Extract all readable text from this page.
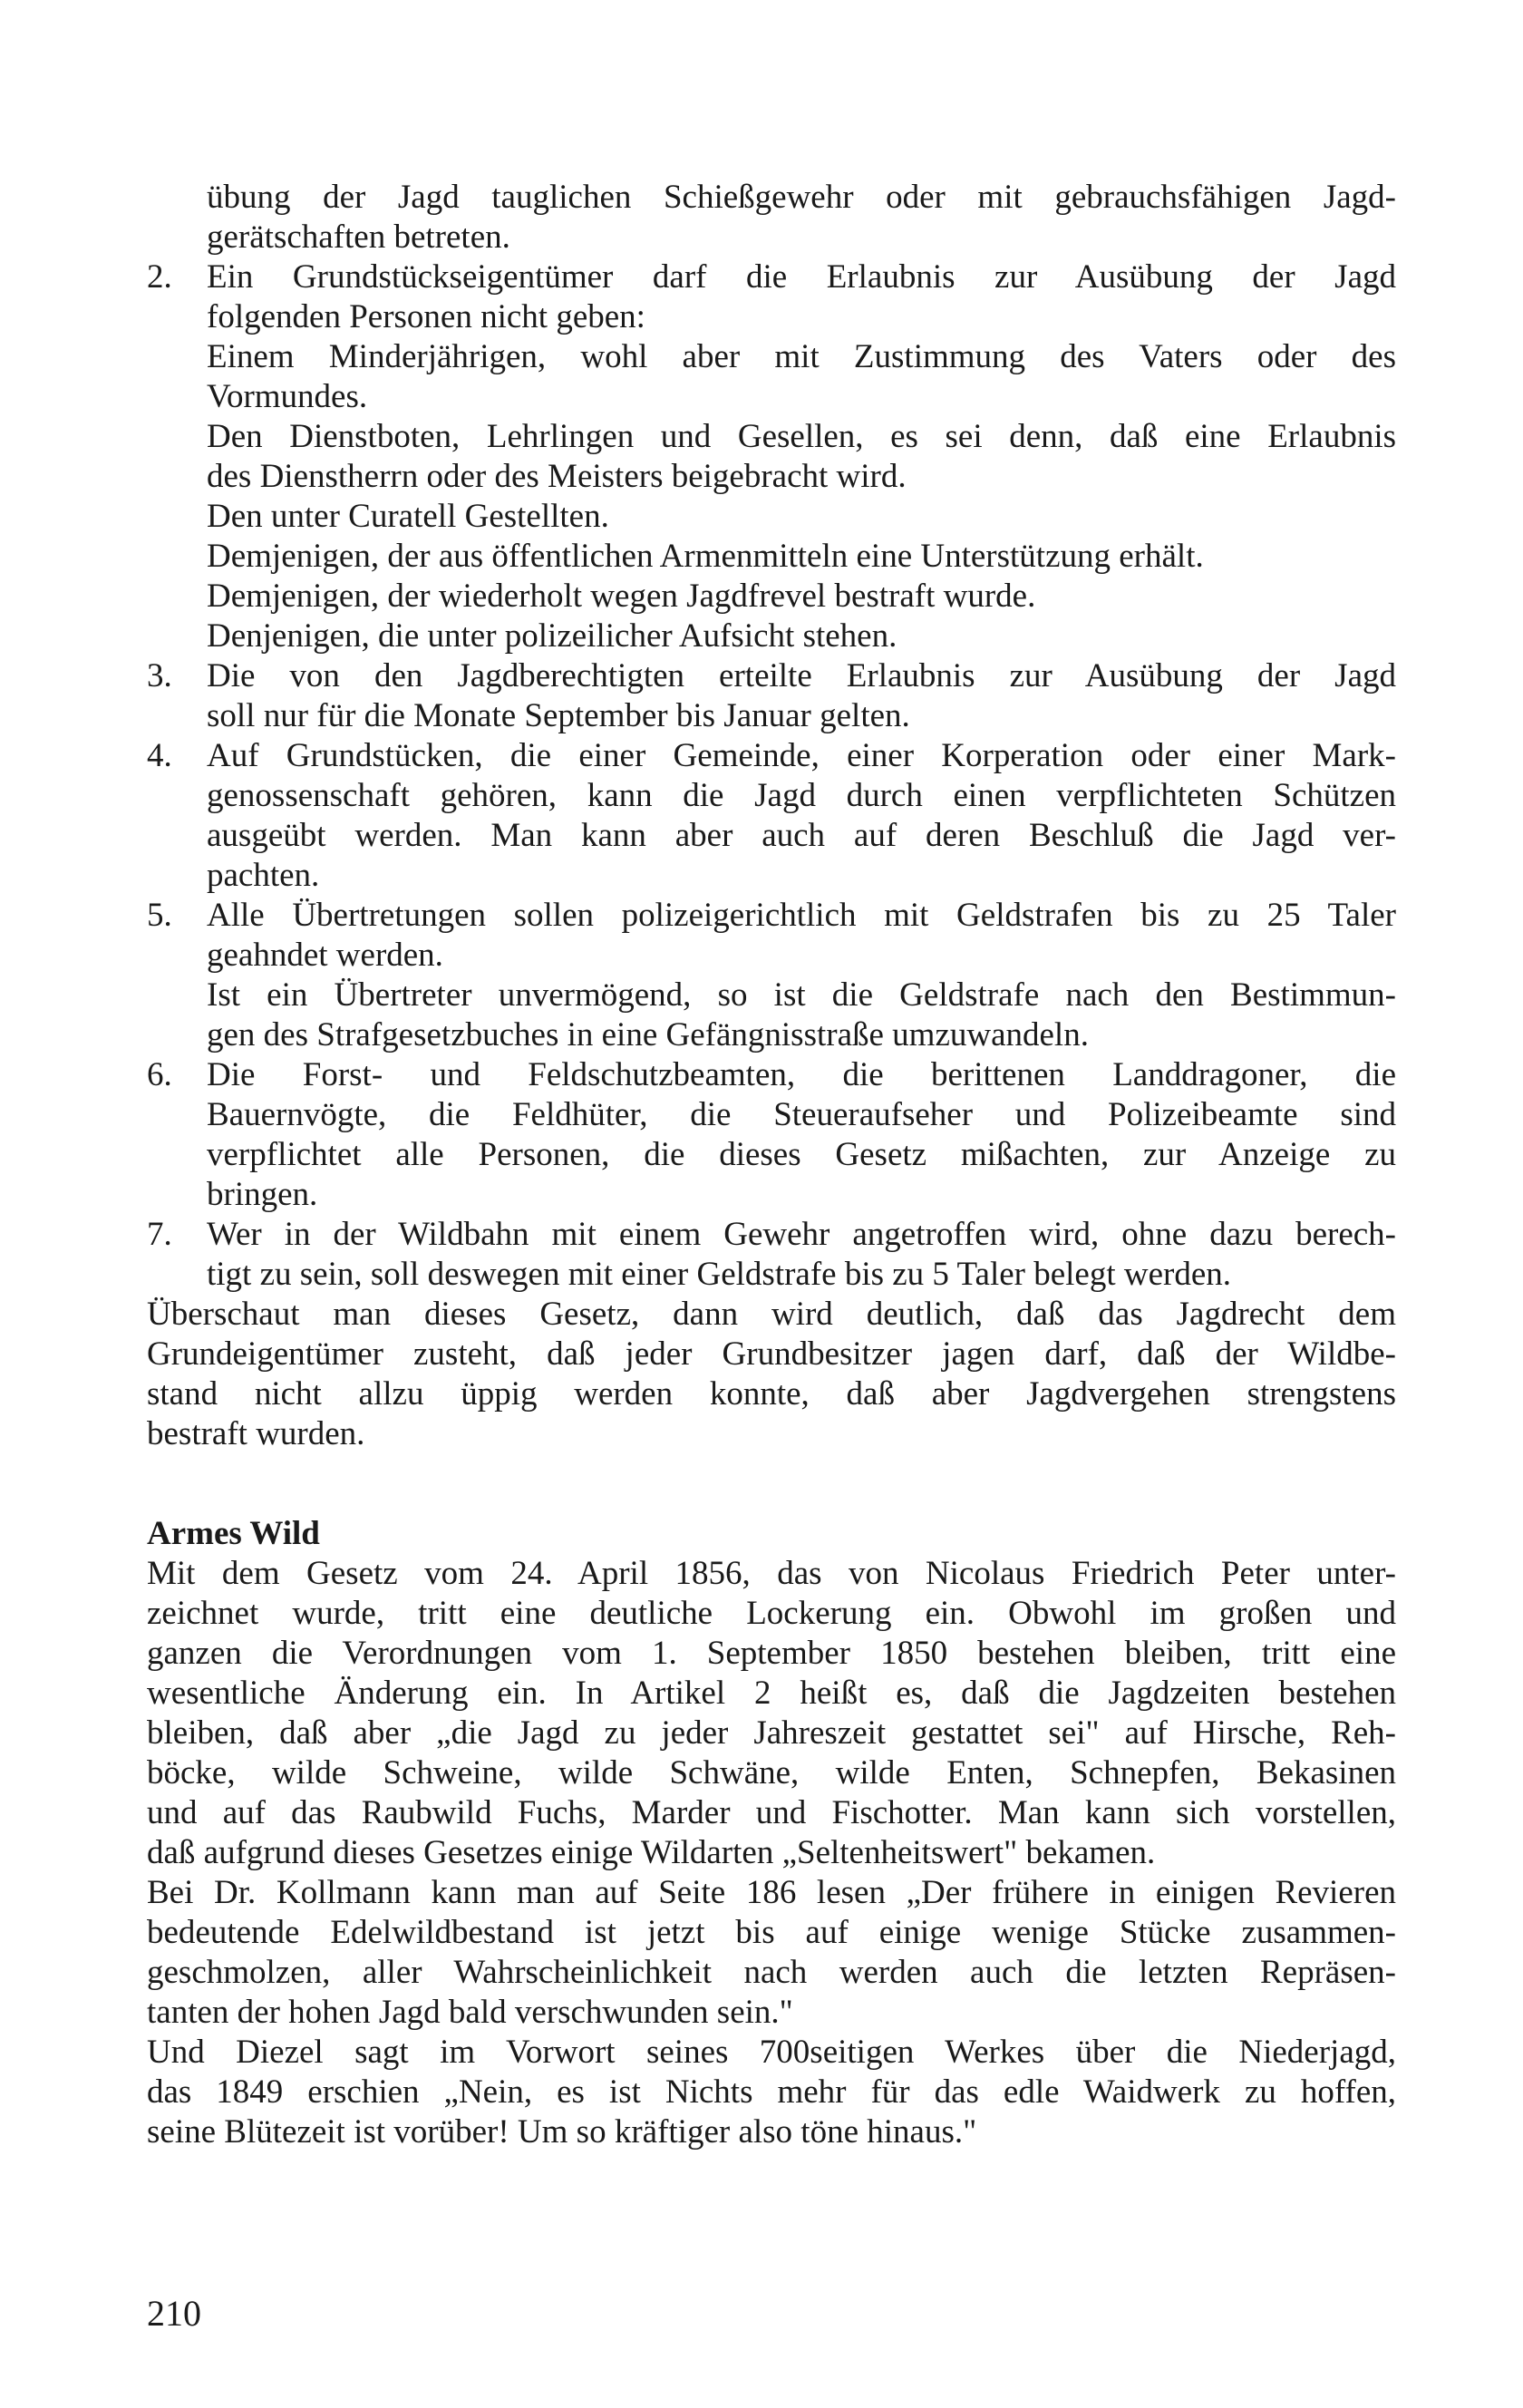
übung der Jagd tauglichen Schießgewehr oder mit gebrauchsfähigen Jagd-
gerätschaften betreten.
2.	Ein Grundstückseigentümer darf die Erlaubnis zur Ausübung der Jagd
folgenden Personen nicht geben:
Einem Minderjährigen, wohl aber mit Zustimmung des Vaters oder des
Vormundes.
Den Dienstboten, Lehrlingen und Gesellen, es sei denn, daß eine Erlaubnis
des Dienstherrn oder des Meisters beigebracht wird.
Den unter Curatell Gestellten.
Demjenigen, der aus öffentlichen Armenmitteln eine Unterstützung erhält.
Demjenigen, der wiederholt wegen Jagdfrevel bestraft wurde.
Denjenigen, die unter polizeilicher Aufsicht stehen.
3.	Die von den Jagdberechtigten erteilte Erlaubnis zur Ausübung der Jagd
soll nur für die Monate September bis Januar gelten.
4.	Auf Grundstücken, die einer Gemeinde, einer Korperation oder einer Mark-
genossenschaft gehören, kann die Jagd durch einen verpflichteten Schützen
ausgeübt werden. Man kann aber auch auf deren Beschluß die Jagd ver-
pachten.
5.	Alle Übertretungen sollen polizeigerichtlich mit Geldstrafen bis zu 25 Taler
geahndet werden.
Ist ein Übertreter unvermögend, so ist die Geldstrafe nach den Bestimmun-
gen des Strafgesetzbuches in eine Gefängnisstraße umzuwandeln.
6.	Die Forst- und Feldschutzbeamten, die berittenen Landdragoner, die
Bauernvögte, die Feldhüter, die Steueraufseher und Polizeibeamte sind
verpflichtet alle Personen, die dieses Gesetz mißachten, zur Anzeige zu
bringen.
7.	Wer in der Wildbahn mit einem Gewehr angetroffen wird, ohne dazu berech-
tigt zu sein, soll deswegen mit einer Geldstrafe bis zu 5 Taler belegt werden.
Überschaut man dieses Gesetz, dann wird deutlich, daß das Jagdrecht dem
Grundeigentümer zusteht, daß jeder Grundbesitzer jagen darf, daß der Wildbe-
stand nicht allzu üppig werden konnte, daß aber Jagdvergehen strengstens
bestraft wurden.
Armes Wild
Mit dem Gesetz vom 24. April 1856, das von Nicolaus Friedrich Peter unter-
zeichnet wurde, tritt eine deutliche Lockerung ein. Obwohl im großen und
ganzen die Verordnungen vom 1. September 1850 bestehen bleiben, tritt eine
wesentliche Änderung ein. In Artikel 2 heißt es, daß die Jagdzeiten bestehen
bleiben, daß aber „die Jagd zu jeder Jahreszeit gestattet sei" auf Hirsche, Reh-
böcke, wilde Schweine, wilde Schwäne, wilde Enten, Schnepfen, Bekasinen
und auf das Raubwild Fuchs, Marder und Fischotter. Man kann sich vorstellen,
daß aufgrund dieses Gesetzes einige Wildarten „Seltenheitswert" bekamen.
Bei Dr. Kollmann kann man auf Seite 186 lesen „Der frühere in einigen Revieren
bedeutende Edelwildbestand ist jetzt bis auf einige wenige Stücke zusammen-
geschmolzen, aller Wahrscheinlichkeit nach werden auch die letzten Repräsen-
tanten der hohen Jagd bald verschwunden sein."
Und Diezel sagt im Vorwort seines 700seitigen Werkes über die Niederjagd,
das 1849 erschien „Nein, es ist Nichts mehr für das edle Waidwerk zu hoffen,
seine Blütezeit ist vorüber! Um so kräftiger also töne hinaus."
210
